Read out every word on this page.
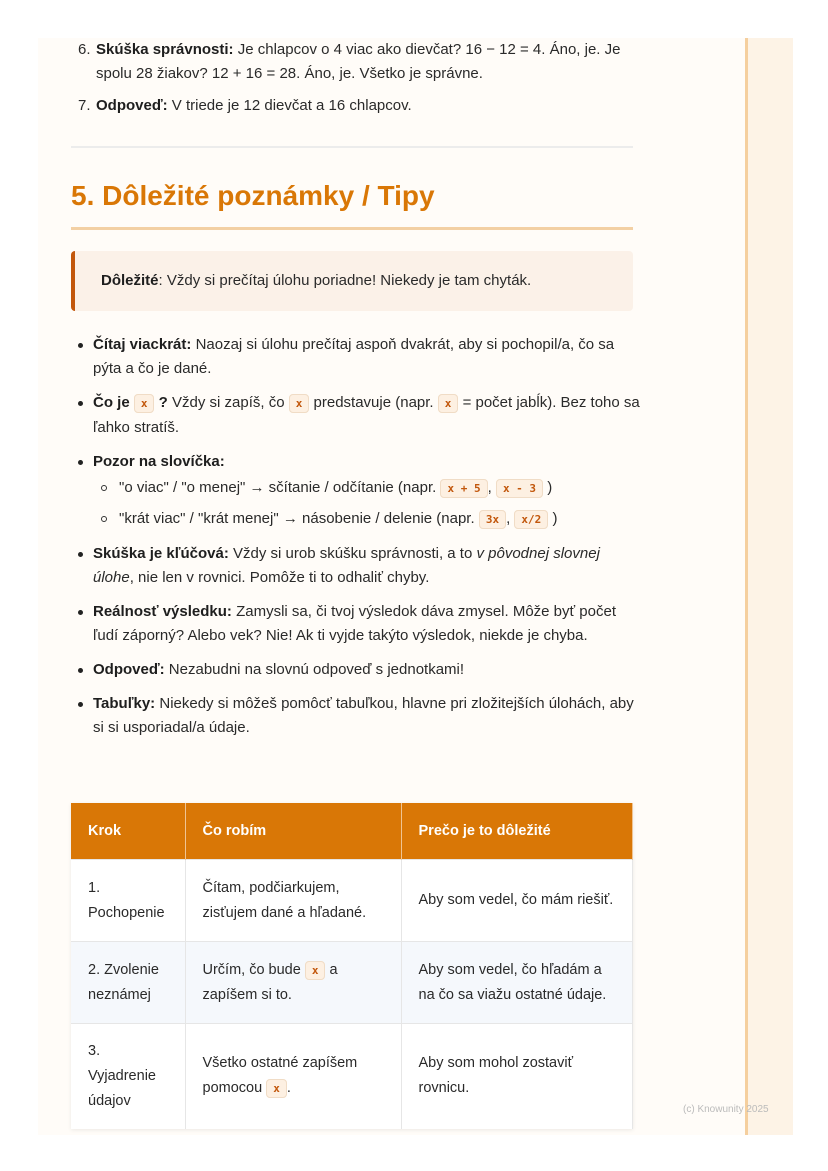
6. Skúška správnosti: Je chlapcov o 4 viac ako dievčat? 16 − 12 = 4. Áno, je. Je spolu 28 žiakov? 12 + 16 = 28. Áno, je. Všetko je správne.
7. Odpoveď: V triede je 12 dievčat a 16 chlapcov.
5. Dôležité poznámky / Tipy
Dôležité: Vždy si prečítaj úlohu poriadne! Niekedy je tam chyták.
Čítaj viackrát: Naozaj si úlohu prečítaj aspoň dvakrát, aby si pochopil/a, čo sa pýta a čo je dané.
Čo je x ? Vždy si zapíš, čo x predstavuje (napr. x = počet jabĺk). Bez toho sa ľahko stratíš.
Pozor na slovíčka:
"o viac" / "o menej" → sčítanie / odčítanie (napr. x + 5 , x - 3 )
"krát viac" / "krát menej" → násobenie / delenie (napr. 3x , x/2 )
Skúška je kľúčová: Vždy si urob skúšku správnosti, a to v pôvodnej slovnej úlohe, nie len v rovnici. Pomôže ti to odhaliť chyby.
Reálnosť výsledku: Zamysli sa, či tvoj výsledok dáva zmysel. Môže byť počet ľudí záporný? Alebo vek? Nie! Ak ti vyjde takýto výsledok, niekde je chyba.
Odpoveď: Nezabudni na slovnú odpoveď s jednotkami!
Tabuľky: Niekedy si môžeš pomôcť tabuľkou, hlavne pri zložitejších úlohách, aby si si usporiadal/a údaje.
Krok	Čo robím	Prečo je to dôležité
1. Pochopenie	Čítam, podčiarkujem, zisťujem dané a hľadané.	Aby som vedel, čo mám riešiť.
2. Zvolenie neznámej	Určím, čo bude x a zapíšem si to.	Aby som vedel, čo hľadám a na čo sa viažu ostatné údaje.
3. Vyjadrenie údajov	Všetko ostatné zapíšem pomocou x .	Aby som mohol zostaviť rovnicu.
(c) Knowunity 2025
